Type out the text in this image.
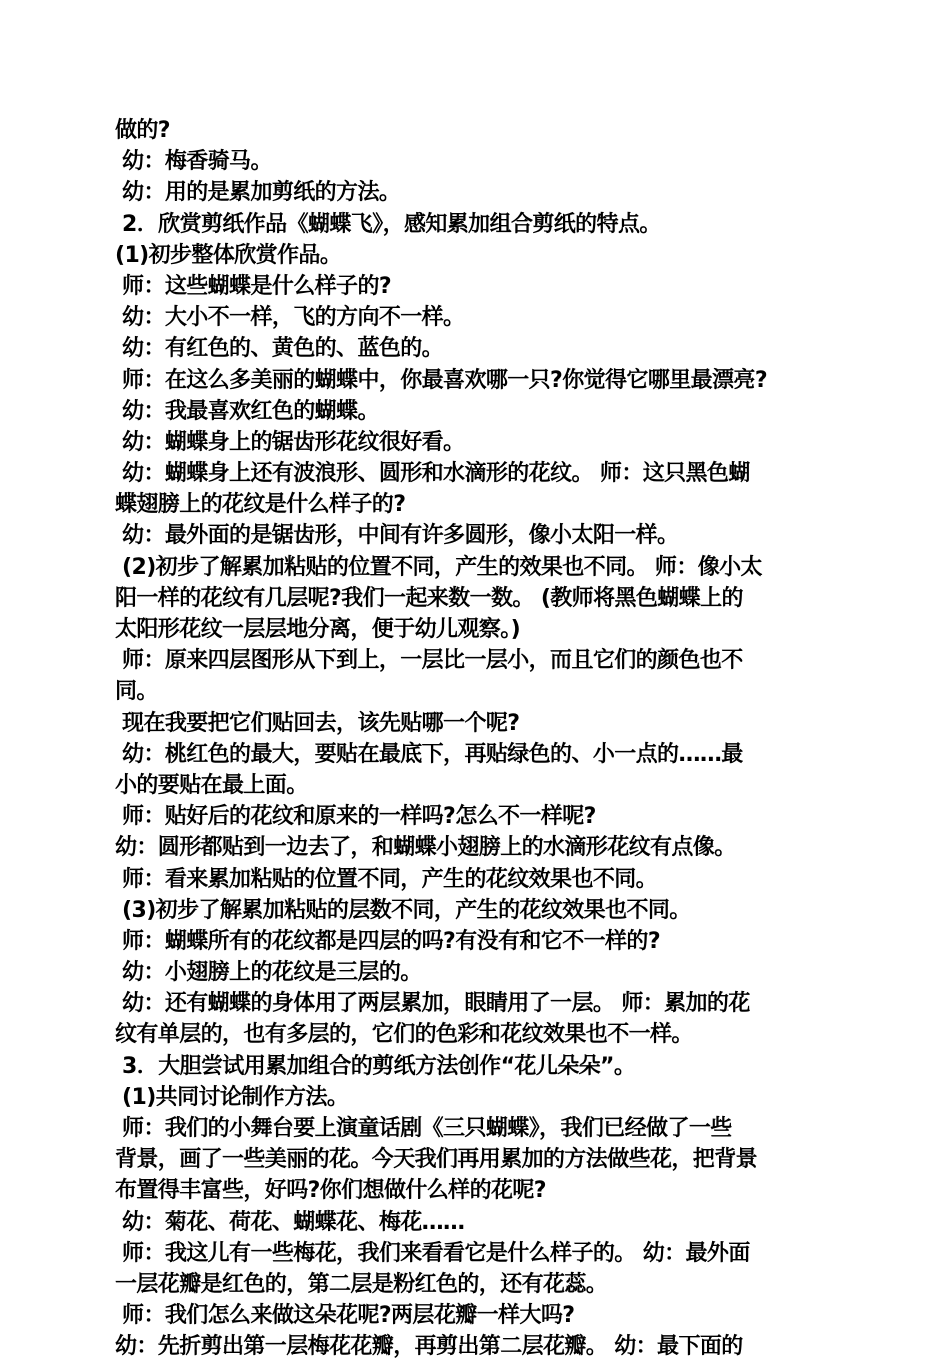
做的?
幼：梅香骑马。
幼：用的是累加剪纸的方法。
2．欣赏剪纸作品《蝴蝶飞》，感知累加组合剪纸的特点。
(1)初步整体欣赏作品。
师：这些蝴蝶是什么样子的?
幼：大小不一样，飞的方向不一样。
幼：有红色的、黄色的、蓝色的。
师：在这么多美丽的蝴蝶中，你最喜欢哪一只?你觉得它哪里最漂亮?
幼：我最喜欢红色的蝴蝶。
幼：蝴蝶身上的锯齿形花纹很好看。
幼：蝴蝶身上还有波浪形、圆形和水滴形的花纹。 师：这只黑色蝴
蝶翅膀上的花纹是什么样子的?
幼：最外面的是锯齿形，中间有许多圆形，像小太阳一样。
(2)初步了解累加粘贴的位置不同，产生的效果也不同。 师：像小太
阳一样的花纹有几层呢?我们一起来数一数。 (教师将黑色蝴蝶上的
太阳形花纹一层层地分离，便于幼儿观察。)
师：原来四层图形从下到上，一层比一层小，而且它们的颜色也不
同。
现在我要把它们贴回去，该先贴哪一个呢?
幼：桃红色的最大，要贴在最底下，再贴绿色的、小一点的……最
小的要贴在最上面。
师：贴好后的花纹和原来的一样吗?怎么不一样呢?
幼：圆形都贴到一边去了，和蝴蝶小翅膀上的水滴形花纹有点像。
师：看来累加粘贴的位置不同，产生的花纹效果也不同。
(3)初步了解累加粘贴的层数不同，产生的花纹效果也不同。
师：蝴蝶所有的花纹都是四层的吗?有没有和它不一样的?
幼：小翅膀上的花纹是三层的。
幼：还有蝴蝶的身体用了两层累加，眼睛用了一层。 师：累加的花
纹有单层的，也有多层的，它们的色彩和花纹效果也不一样。
3．大胆尝试用累加组合的剪纸方法创作“花儿朵朵”。
(1)共同讨论制作方法。
师：我们的小舞台要上演童话剧《三只蝴蝶》，我们已经做了一些
背景，画了一些美丽的花。今天我们再用累加的方法做些花，把背景
布置得丰富些，好吗?你们想做什么样的花呢?
幼：菊花、荷花、蝴蝶花、梅花……
师：我这儿有一些梅花，我们来看看它是什么样子的。 幼：最外面
一层花瓣是红色的，第二层是粉红色的，还有花蕊。
师：我们怎么来做这朵花呢?两层花瓣一样大吗?
幼：先折剪出第一层梅花花瓣，再剪出第二层花瓣。 幼：最下面的
